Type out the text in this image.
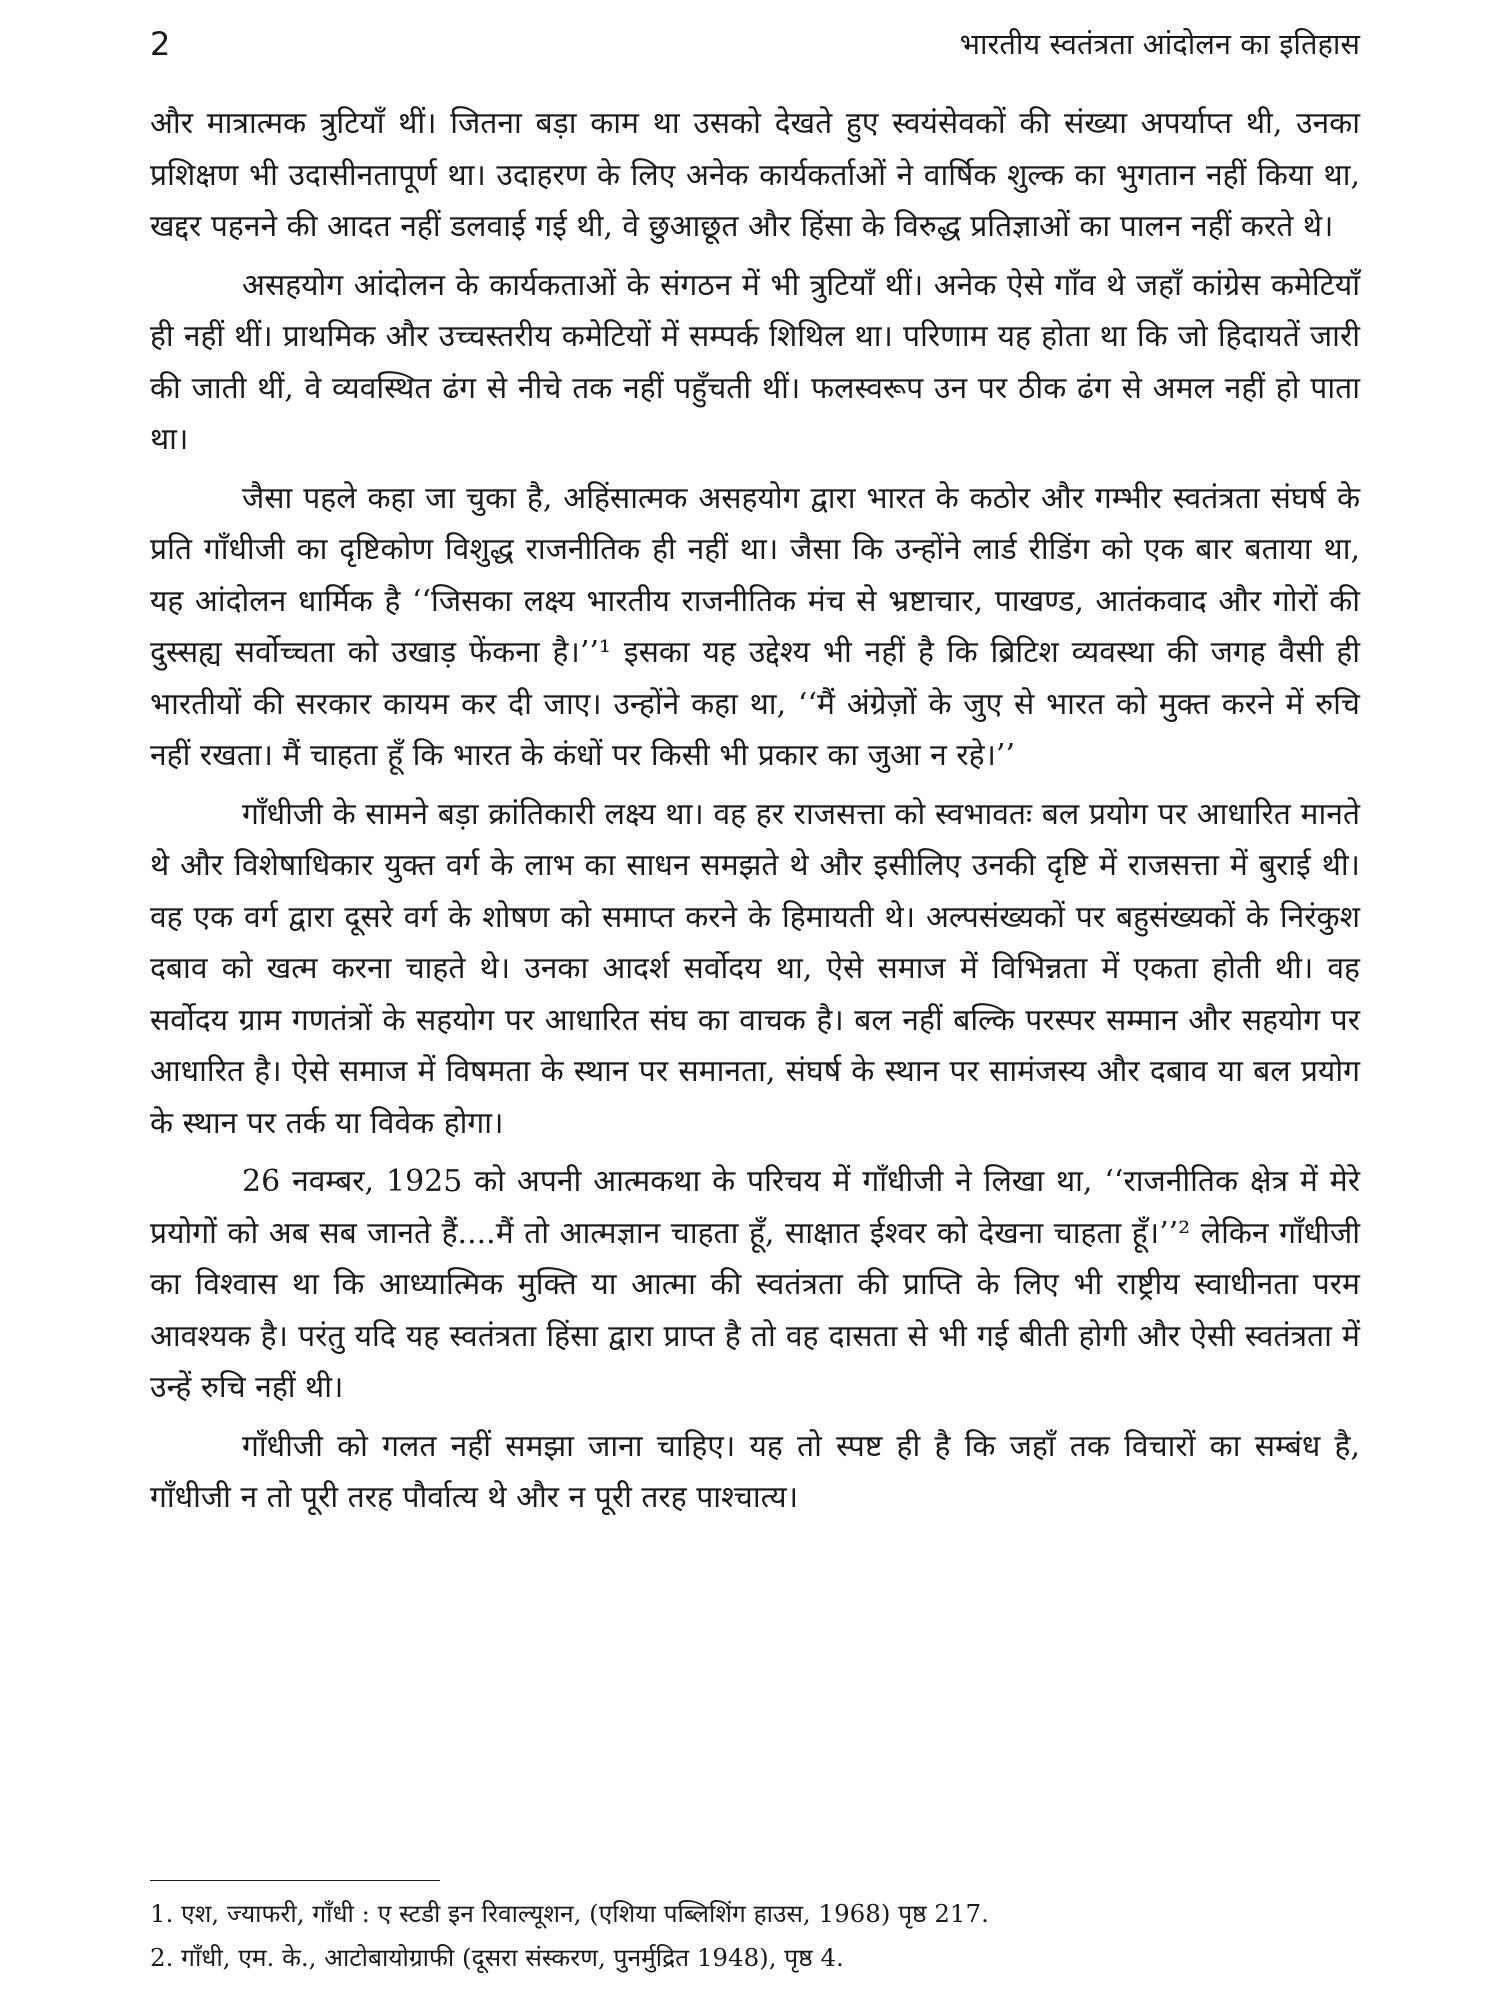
2	भारतीय स्वतंत्रता आंदोलन का इतिहास

और मात्रात्मक त्रुटियाँ थीं। जितना बड़ा काम था उसको देखते हुए स्वयंसेवकों की संख्या अपर्याप्त थी, उनका प्रशिक्षण भी उदासीनतापूर्ण था। उदाहरण के लिए अनेक कार्यकर्ताओं ने वार्षिक शुल्क का भुगतान नहीं किया था, खद्दर पहनने की आदत नहीं डलवाई गई थी, वे छुआछूत और हिंसा के विरुद्ध प्रतिज्ञाओं का पालन नहीं करते थे।

असहयोग आंदोलन के कार्यकताओं के संगठन में भी त्रुटियाँ थीं। अनेक ऐसे गाँव थे जहाँ कांग्रेस कमेटियाँ ही नहीं थीं। प्राथमिक और उच्चस्तरीय कमेटियों में सम्पर्क शिथिल था। परिणाम यह होता था कि जो हिदायतें जारी की जाती थीं, वे व्यवस्थित ढंग से नीचे तक नहीं पहुँचती थीं। फलस्वरूप उन पर ठीक ढंग से अमल नहीं हो पाता था।

जैसा पहले कहा जा चुका है, अहिंसात्मक असहयोग द्वारा भारत के कठोर और गम्भीर स्वतंत्रता संघर्ष के प्रति गाँधीजी का दृष्टिकोण विशुद्ध राजनीतिक ही नहीं था। जैसा कि उन्होंने लार्ड रीडिंग को एक बार बताया था, यह आंदोलन धार्मिक है ‘‘जिसका लक्ष्य भारतीय राजनीतिक मंच से भ्रष्टाचार, पाखण्ड, आतंकवाद और गोरों की दुस्सह्य सर्वोच्चता को उखाड़ फेंकना है।’’¹ इसका यह उद्देश्य भी नहीं है कि ब्रिटिश व्यवस्था की जगह वैसी ही भारतीयों की सरकार कायम कर दी जाए। उन्होंने कहा था, ‘‘मैं अंग्रेज़ों के जुए से भारत को मुक्त करने में रुचि नहीं रखता। मैं चाहता हूँ कि भारत के कंधों पर किसी भी प्रकार का जुआ न रहे।’’

गाँधीजी के सामने बड़ा क्रांतिकारी लक्ष्य था। वह हर राजसत्ता को स्वभावतः बल प्रयोग पर आधारित मानते थे और विशेषाधिकार युक्त वर्ग के लाभ का साधन समझते थे और इसीलिए उनकी दृष्टि में राजसत्ता में बुराई थी। वह एक वर्ग द्वारा दूसरे वर्ग के शोषण को समाप्त करने के हिमायती थे। अल्पसंख्यकों पर बहुसंख्यकों के निरंकुश दबाव को खत्म करना चाहते थे। उनका आदर्श सर्वोदय था, ऐसे समाज में विभिन्नता में एकता होती थी। वह सर्वोदय ग्राम गणतंत्रों के सहयोग पर आधारित संघ का वाचक है। बल नहीं बल्कि परस्पर सम्मान और सहयोग पर आधारित है। ऐसे समाज में विषमता के स्थान पर समानता, संघर्ष के स्थान पर सामंजस्य और दबाव या बल प्रयोग के स्थान पर तर्क या विवेक होगा।

26 नवम्बर, 1925 को अपनी आत्मकथा के परिचय में गाँधीजी ने लिखा था, ‘‘राजनीतिक क्षेत्र में मेरे प्रयोगों को अब सब जानते हैं....मैं तो आत्मज्ञान चाहता हूँ, साक्षात ईश्वर को देखना चाहता हूँ।’’² लेकिन गाँधीजी का विश्वास था कि आध्यात्मिक मुक्ति या आत्मा की स्वतंत्रता की प्राप्ति के लिए भी राष्ट्रीय स्वाधीनता परम आवश्यक है। परंतु यदि यह स्वतंत्रता हिंसा द्वारा प्राप्त है तो वह दासता से भी गई बीती होगी और ऐसी स्वतंत्रता में उन्हें रुचि नहीं थी।

गाँधीजी को गलत नहीं समझा जाना चाहिए। यह तो स्पष्ट ही है कि जहाँ तक विचारों का सम्बंध है, गाँधीजी न तो पूरी तरह पौर्वात्य थे और न पूरी तरह पाश्चात्य।

1. एश, ज्याफरी, गाँधी : ए स्टडी इन रिवाल्यूशन, (एशिया पब्लिशिंग हाउस, 1968) पृष्ठ 217.

2. गाँधी, एम. के., आटोबायोग्राफी (दूसरा संस्करण, पुनर्मुद्रित 1948), पृष्ठ 4.
